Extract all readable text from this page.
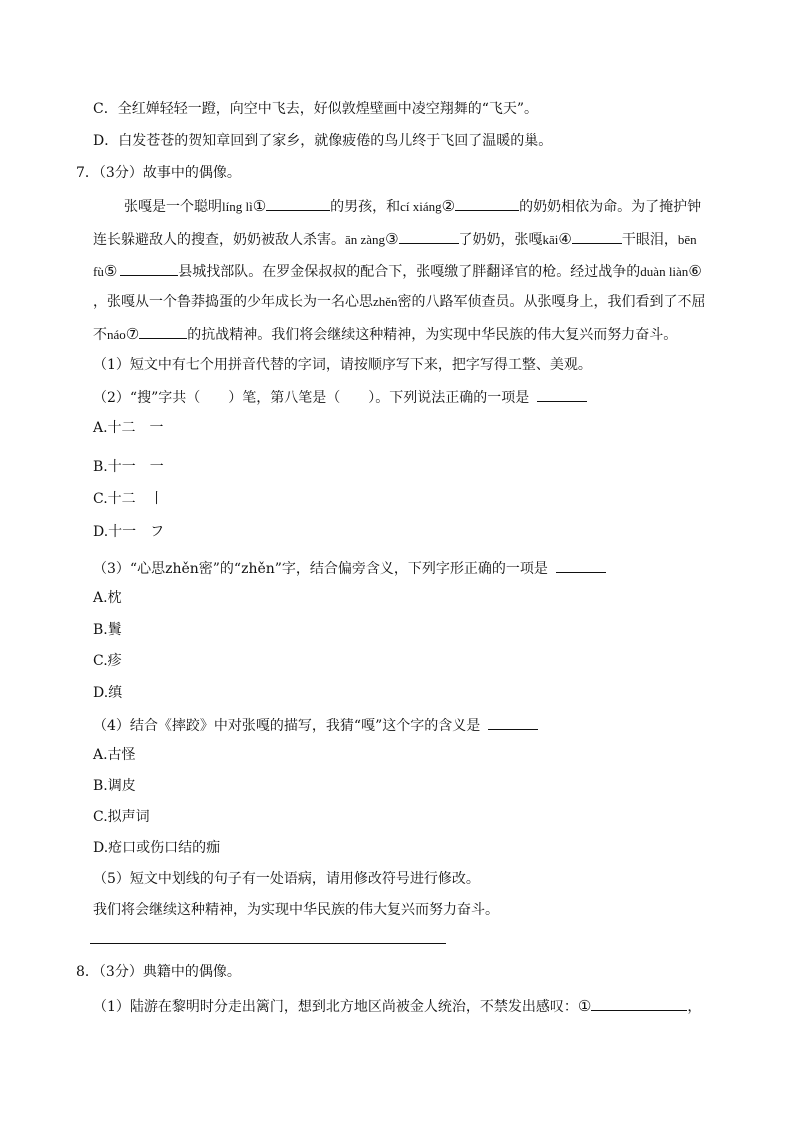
C．全红婵轻轻一蹬，向空中飞去，好似敦煌壁画中凌空翔舞的“飞天”。
D．白发苍苍的贺知章回到了家乡，就像疲倦的鸟儿终于飞回了温暖的巢。
7．（3分）故事中的偶像。
张嘎是一个聪明líng lì①	的男孩，和cí xiáng②	的奶奶相依为命。为了掩护钟
连长躲避敌人的搜查，奶奶被敌人杀害。ān zàng③	了奶奶，张嘎kāi④	干眼泪，bēn
fù⑤	县城找部队。在罗金保叔叔的配合下，张嘎缴了胖翻译官的枪。经过战争的duàn liàn⑥
，张嘎从一个鲁莽捣蛋的少年成长为一名心思zhěn密的八路军侦查员。从张嘎身上，我们看到了不屈
不náo⑦	的抗战精神。我们将会继续这种精神，为实现中华民族的伟大复兴而努力奋斗。
（1）短文中有七个用拼音代替的字词，请按顺序写下来，把字写得工整、美观。
（2）“搜”字共（　　）笔，第八笔是（　　）。下列说法正确的一项是
A.十二　一
B.十一　一
C.十二　丨
D.十一　フ
（3）“心思zhěn密”的“zhěn”字，结合偏旁含义，下列字形正确的一项是
A.枕
B.鬒
C.疹
D.缜
（4）结合《摔跤》中对张嘎的描写，我猜“嘎”这个字的含义是
A.古怪
B.调皮
C.拟声词
D.疮口或伤口结的痂
（5）短文中划线的句子有一处语病，请用修改符号进行修改。
我们将会继续这种精神，为实现中华民族的伟大复兴而努力奋斗。
8．（3分）典籍中的偶像。
（1）陆游在黎明时分走出篱门，想到北方地区尚被金人统治，不禁发出感叹：①	，
